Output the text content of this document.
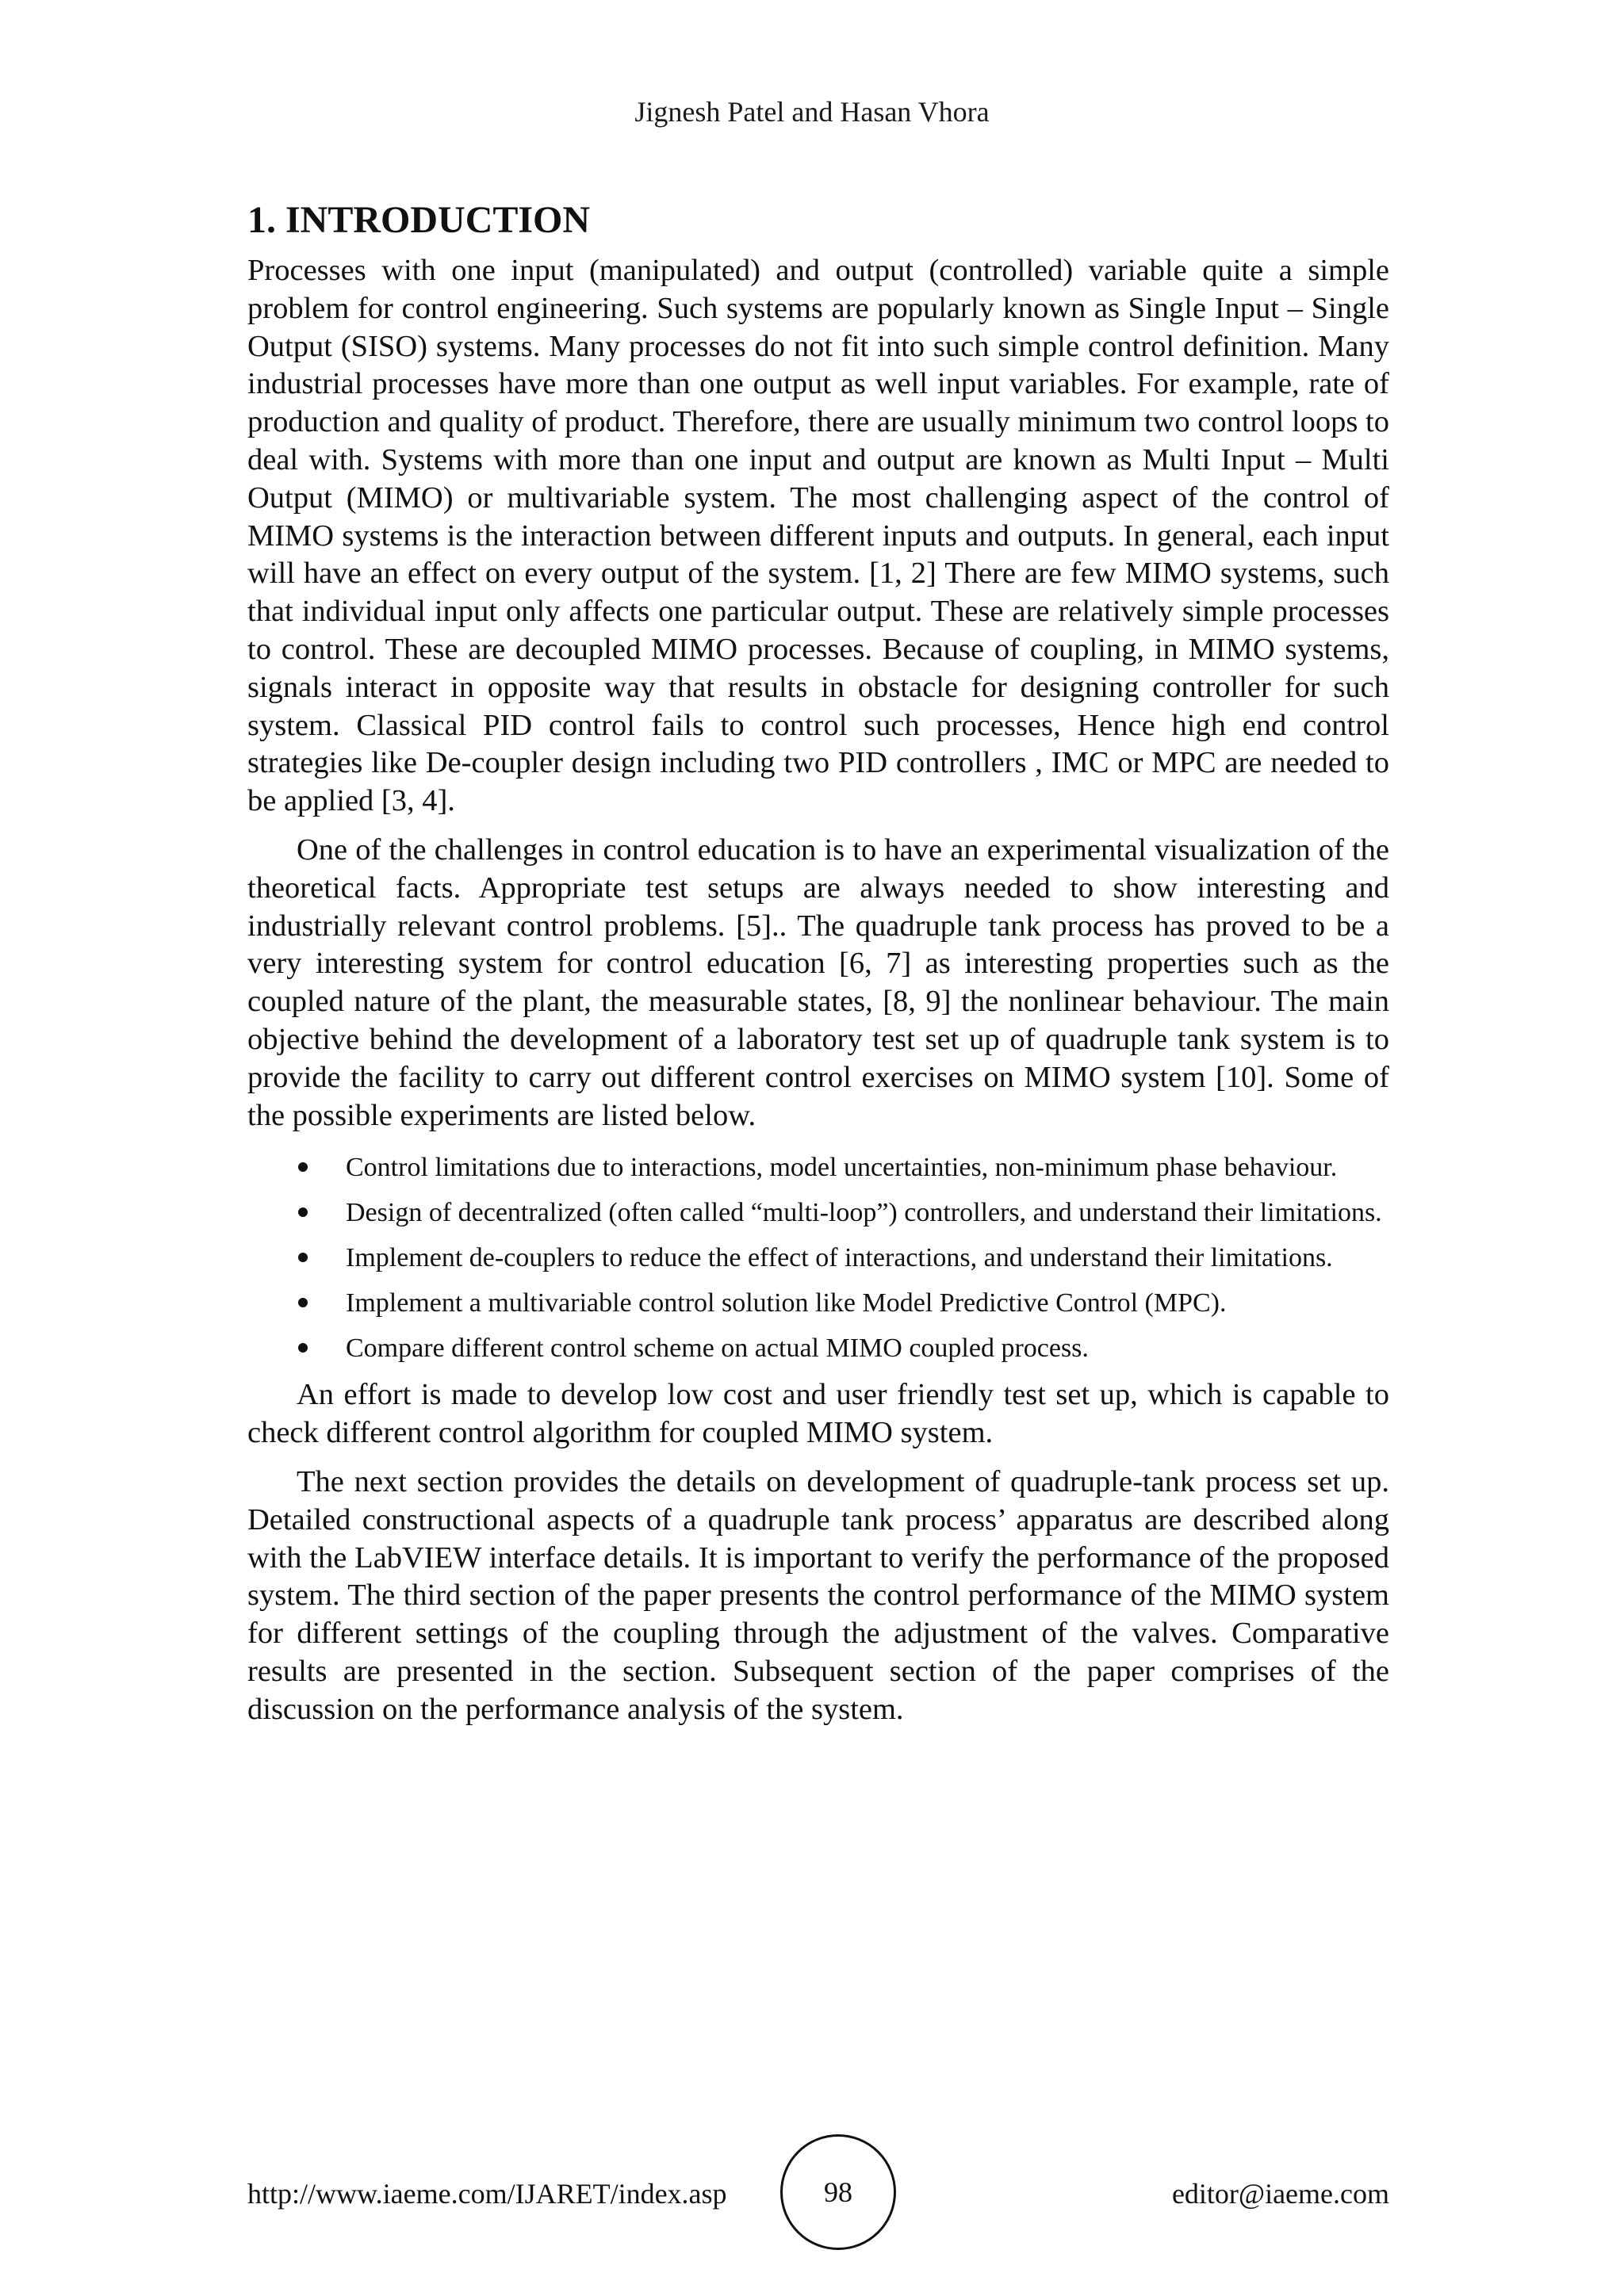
Jignesh Patel and Hasan Vhora
1. INTRODUCTION

Processes with one input (manipulated) and output (controlled) variable quite a simple problem for control engineering. Such systems are popularly known as Single Input – Single Output (SISO) systems. Many processes do not fit into such simple control definition. Many industrial processes have more than one output as well input variables. For example, rate of production and quality of product. Therefore, there are usually minimum two control loops to deal with. Systems with more than one input and output are known as Multi Input – Multi Output (MIMO) or multivariable system. The most challenging aspect of the control of MIMO systems is the interaction between different inputs and outputs. In general, each input will have an effect on every output of the system. [1, 2] There are few MIMO systems, such that individual input only affects one particular output. These are relatively simple processes to control. These are decoupled MIMO processes. Because of coupling, in MIMO systems, signals interact in opposite way that results in obstacle for designing controller for such system. Classical PID control fails to control such processes, Hence high end control strategies like De-coupler design including two PID controllers , IMC or MPC are needed to be applied [3, 4].

One of the challenges in control education is to have an experimental visualization of the theoretical facts. Appropriate test setups are always needed to show interesting and industrially relevant control problems. [5].. The quadruple tank process has proved to be a very interesting system for control education [6, 7] as interesting properties such as the coupled nature of the plant, the measurable states, [8, 9] the nonlinear behaviour. The main objective behind the development of a laboratory test set up of quadruple tank system is to provide the facility to carry out different control exercises on MIMO system [10]. Some of the possible experiments are listed below.

Control limitations due to interactions, model uncertainties, non-minimum phase behaviour.
Design of decentralized (often called “multi-loop”) controllers, and understand their limitations.
Implement de-couplers to reduce the effect of interactions, and understand their limitations.
Implement a multivariable control solution like Model Predictive Control (MPC).
Compare different control scheme on actual MIMO coupled process.

An effort is made to develop low cost and user friendly test set up, which is capable to check different control algorithm for coupled MIMO system.

The next section provides the details on development of quadruple-tank process set up. Detailed constructional aspects of a quadruple tank process’ apparatus are described along with the LabVIEW interface details. It is important to verify the performance of the proposed system. The third section of the paper presents the control performance of the MIMO system for different settings of the coupling through the adjustment of the valves. Comparative results are presented in the section. Subsequent section of the paper comprises of the discussion on the performance analysis of the system.

http://www.iaeme.com/IJARET/index.asp	98	editor@iaeme.com
